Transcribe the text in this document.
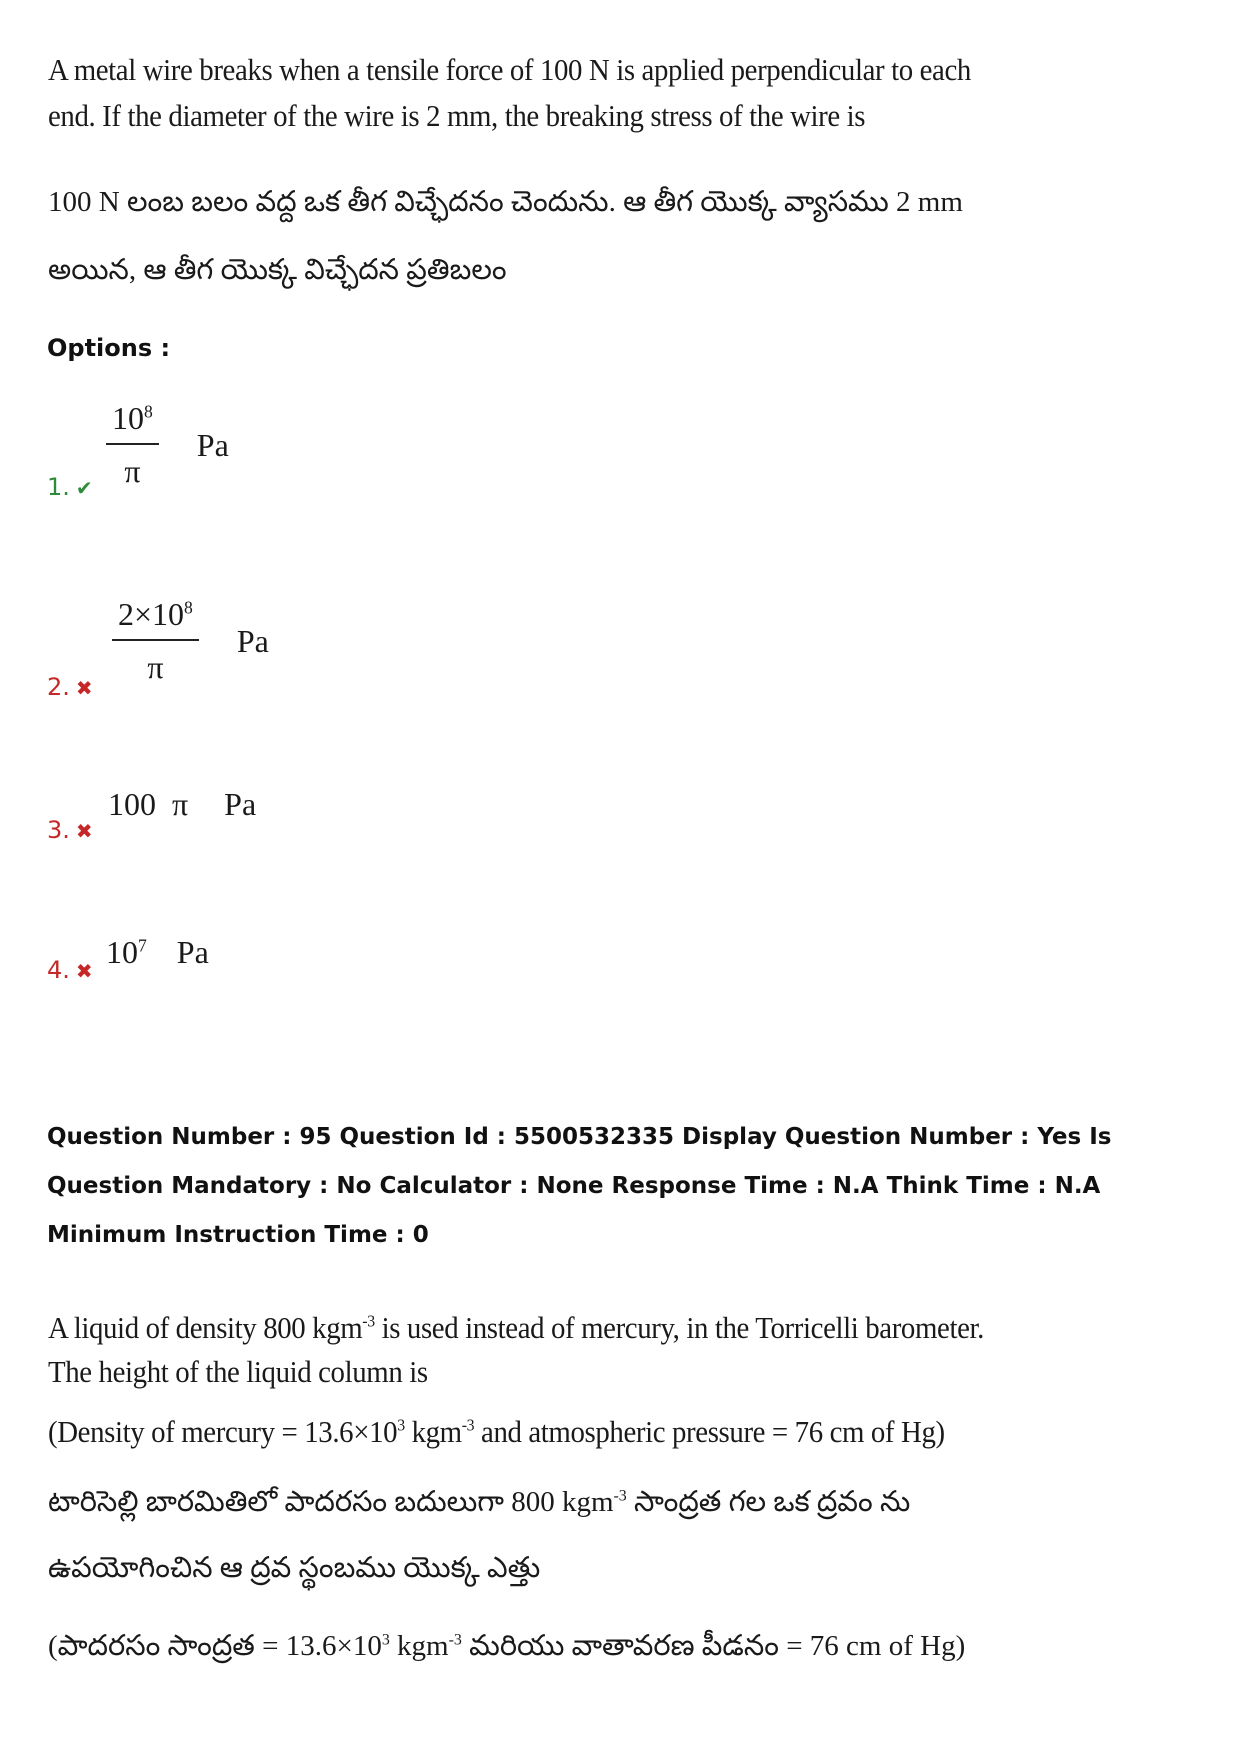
A metal wire breaks when a tensile force of 100 N is applied perpendicular to each
end. If the diameter of the wire is 2 mm, the breaking stress of the wire is
100 N లంబ బలం వద్ద ఒక తీగ విచ్ఛేదనం చెందును. ఆ తీగ యొక్క వ్యాసము 2 mm
అయిన, ఆ తీగ యొక్క విచ్ఛేదన ప్రతిబలం
Options :
1. ✔ $\frac{10^8}{\pi}$ Pa
2. ✖
$\frac{2\times 10^8}{\pi}$ Pa
3. ✖
100  π Pa
4. ✖
$10^7$ Pa
Question Number : 95 Question Id : 5500532335 Display Question Number : Yes Is Question Mandatory : No Calculator : None Response Time : N.A Think Time : N.A Minimum Instruction Time : 0
A liquid of density 800 kgm$^{-3}$ is used instead of mercury, in the Torricelli barometer.
The height of the liquid column is
(Density of mercury = $13.6\times 10^3$ kgm$^{-3}$ and atmospheric pressure = 76 cm of Hg)
టారిసెల్లి బారమితిలో పాదరసం బదులుగా 800 kgm$^{-3}$ సాంద్రత గల ఒక ద్రవం ను
ఉపయోగించిన ఆ ద్రవ స్థంబము యొక్క ఎత్తు
(పాదరసం సాంద్రత = $13.6\times 10^3$ kgm$^{-3}$ మరియు వాతావరణ పీడనం = 76 cm of Hg)
